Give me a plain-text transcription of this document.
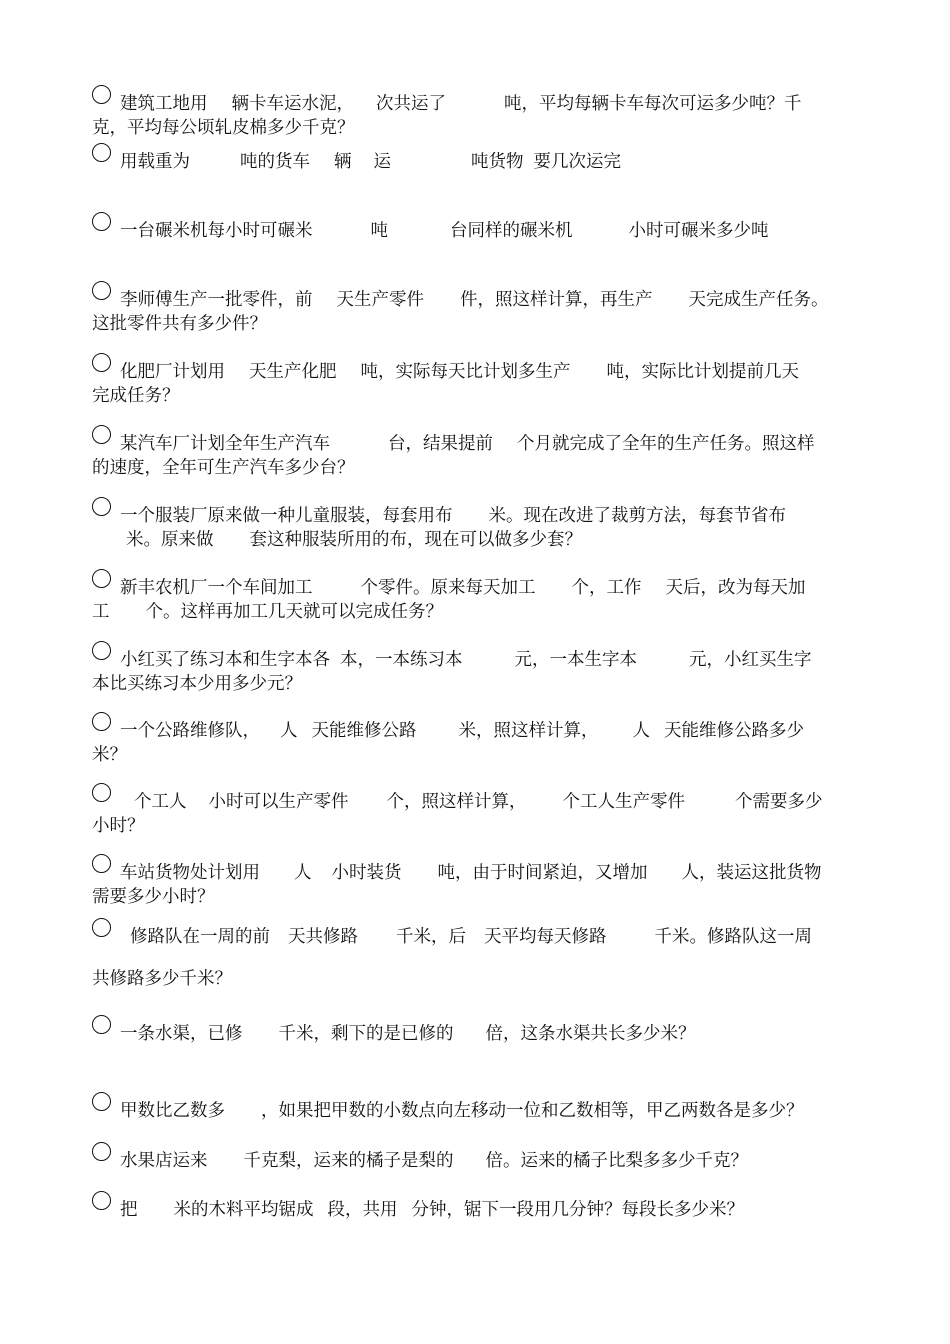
建筑工地用 辆卡车运水泥， 次共运了	吨，平均每辆卡车每次可运多少吨？千
克，平均每公顷轧皮棉多少千克？
用载重为	吨的货车 辆 运	吨货物 要几次运完
一台碾米机每小时可碾米	吨	台同样的碾米机	小时可碾米多少吨
李师傅生产一批零件，前 天生产零件 件，照这样计算，再生产 天完成生产任务。
这批零件共有多少件？
化肥厂计划用 天生产化肥 吨，实际每天比计划多生产 吨，实际比计划提前几天
完成任务？
某汽车厂计划全年生产汽车	台，结果提前 个月就完成了全年的生产任务。照这样
的速度，全年可生产汽车多少台？
一个服装厂原来做一种儿童服装，每套用布 米。现在改进了裁剪方法，每套节省布
米。原来做 套这种服装所用的布，现在可以做多少套？
新丰农机厂一个车间加工	个零件。原来每天加工 个，工作 天后，改为每天加
工 个。这样再加工几天就可以完成任务？
小红买了练习本和生字本各 本，一本练习本	元，一本生字本	元，小红买生字
本比买练习本少用多少元？
一个公路维修队， 人 天能维修公路 米，照这样计算， 人 天能维修公路多少
米？
个工人 小时可以生产零件 个，照这样计算， 个工人生产零件	个需要多少
小时？
车站货物处计划用 人 小时装货 吨，由于时间紧迫，又增加 人，装运这批货物
需要多少小时？
修路队在一周的前 天共修路 千米，后 天平均每天修路	千米。修路队这一周
共修路多少千米？
一条水渠，已修 千米，剩下的是已修的 倍，这条水渠共长多少米？
甲数比乙数多 ，如果把甲数的小数点向左移动一位和乙数相等，甲乙两数各是多少？
水果店运来 千克梨，运来的橘子是梨的 倍。运来的橘子比梨多多少千克？
把 米的木料平均锯成 段，共用 分钟，锯下一段用几分钟？每段长多少米？
